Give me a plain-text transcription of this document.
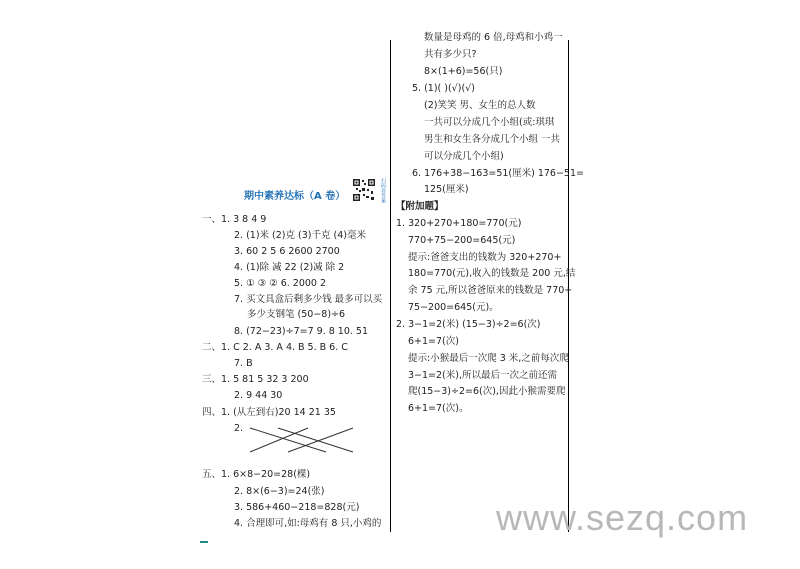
期中素养达标（A 卷）	扫码看答案
一、1. 3 8 4 9
2. (1)米 (2)克 (3)千克 (4)毫米
3. 60 2 5 6 2600 2700
4. (1)除 减 22 (2)减 除 2
5. ① ③ ② 6. 2000 2
7. 买文具盒后剩多少钱 最多可以买
多少支钢笔 (50−8)÷6
8. (72−23)÷7=7 9. 8 10. 51
二、1. C 2. A 3. A 4. B 5. B 6. C
7. B
三、1. 5 81 5 32 3 200
2. 9 44 30
四、1. (从左到右)20 14 21 35
2.
五、1. 6×8−20=28(棵)
2. 8×(6−3)=24(张)
3. 586+460−218=828(元)
4. 合理即可,如:母鸡有 8 只,小鸡的
数量是母鸡的 6 倍,母鸡和小鸡一
共有多少只?
8×(1+6)=56(只)
5. (1)( )(√)(√)
(2)笑笑 男、女生的总人数
一共可以分成几个小组(或:琪琪
男生和女生各分成几个小组 一共
可以分成几个小组)
6. 176+38−163=51(厘米) 176−51=
125(厘米)
【附加题】
1. 320+270+180=770(元)
770+75−200=645(元)
提示:爸爸支出的钱数为 320+270+
180=770(元),收入的钱数是 200 元,结
余 75 元,所以爸爸原来的钱数是 770+
75−200=645(元)。
2. 3−1=2(米) (15−3)÷2=6(次)
6+1=7(次)
提示:小猴最后一次爬 3 米,之前每次爬
3−1=2(米),所以最后一次之前还需
爬(15−3)÷2=6(次),因此小猴需要爬
6+1=7(次)。
www.sezq.com
